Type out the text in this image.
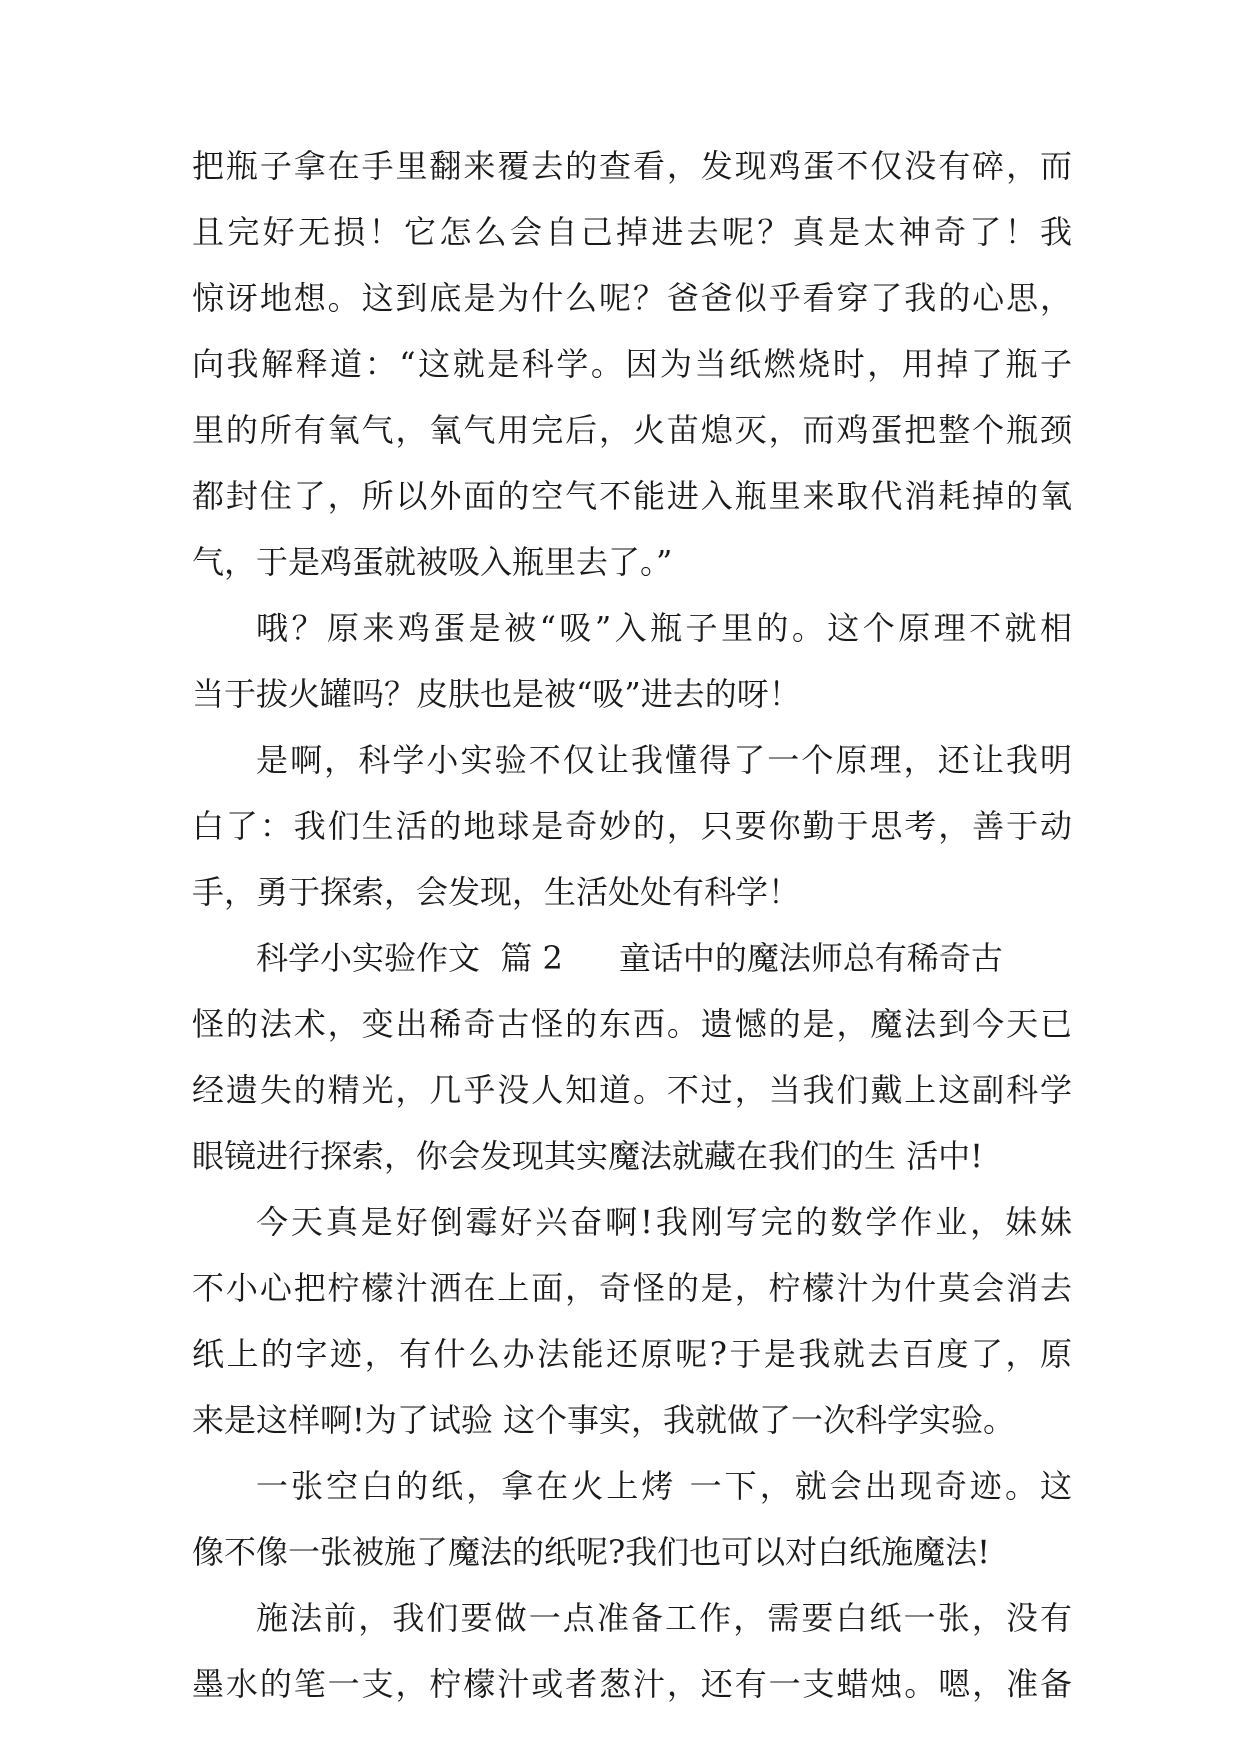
把瓶子拿在手里翻来覆去的查看，发现鸡蛋不仅没有碎，而
且完好无损！它怎么会自己掉进去呢？真是太神奇了！我
惊讶地想。这到底是为什么呢？爸爸似乎看穿了我的心思，
向我解释道：“这就是科学。因为当纸燃烧时，用掉了瓶子
里的所有氧气，氧气用完后，火苗熄灭，而鸡蛋把整个瓶颈
都封住了，所以外面的空气不能进入瓶里来取代消耗掉的氧
气，于是鸡蛋就被吸入瓶里去了。”
哦？原来鸡蛋是被“吸”入瓶子里的。这个原理不就相
当于拔火罐吗？皮肤也是被“吸”进去的呀！
是啊，科学小实验不仅让我懂得了一个原理，还让我明
白了：我们生活的地球是奇妙的，只要你勤于思考，善于动
手，勇于探索，会发现，生活处处有科学！
科学小实验作文 篇 2 童话中的魔法师总有稀奇古
怪的法术，变出稀奇古怪的东西。遗憾的是，魔法到今天已
经遗失的精光，几乎没人知道。不过，当我们戴上这副科学
眼镜进行探索，你会发现其实魔法就藏在我们的生 活中!
今天真是好倒霉好兴奋啊!我刚写完的数学作业，妹妹
不小心把柠檬汁洒在上面，奇怪的是，柠檬汁为什莫会消去
纸上的字迹，有什么办法能还原呢?于是我就去百度了，原
来是这样啊!为了试验 这个事实，我就做了一次科学实验。
一张空白的纸，拿在火上烤 一下，就会出现奇迹。这
像不像一张被施了魔法的纸呢?我们也可以对白纸施魔法!
施法前，我们要做一点准备工作，需要白纸一张，没有
墨水的笔一支，柠檬汁或者葱汁，还有一支蜡烛。嗯，准备
